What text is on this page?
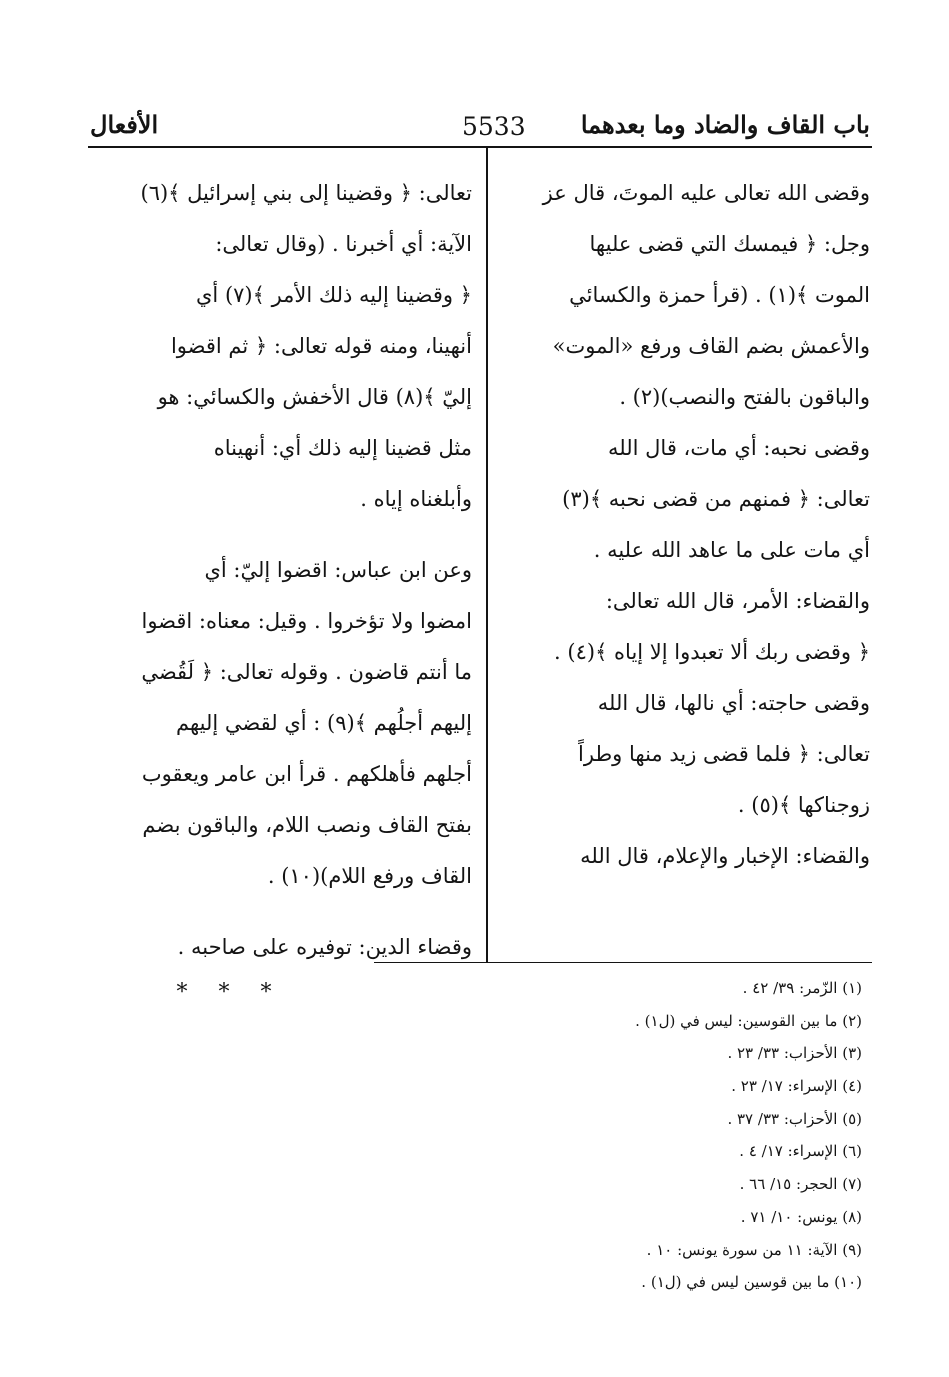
باب القاف والضاد وما بعدهما
5533
الأفعال
وقضى الله تعالى عليه الموتَ، قال عز
وجل: ﴿ فيمسك التي قضى عليها
الموت ﴾(١) . (قرأ حمزة والكسائي
والأعمش بضم القاف ورفع «الموت»
والباقون بالفتح والنصب)(٢) .
وقضى نحبه: أي مات، قال الله
تعالى: ﴿ فمنهم من قضى نحبه ﴾(٣)
أي مات على ما عاهد الله عليه .
والقضاء: الأمر، قال الله تعالى:
﴿ وقضى ربك ألا تعبدوا إلا إياه ﴾(٤) .
وقضى حاجته: أي نالها، قال الله
تعالى: ﴿ فلما قضى زيد منها وطراً
زوجناكها ﴾(٥) .
والقضاء: الإخبار والإعلام، قال الله
تعالى: ﴿ وقضينا إلى بني إسرائيل ﴾(٦)
الآية: أي أخبرنا . (وقال تعالى:
﴿ وقضينا إليه ذلك الأمر ﴾(٧) أي
أنهينا، ومنه قوله تعالى: ﴿ ثم اقضوا
إليّ ﴾(٨) قال الأخفش والكسائي: هو
مثل قضينا إليه ذلك أي: أنهيناه
وأبلغناه إياه .
وعن ابن عباس: اقضوا إليّ: أي
امضوا ولا تؤخروا . وقيل: معناه: اقضوا
ما أنتم قاضون . وقوله تعالى: ﴿ لَقُضي
إليهم أجلُهم ﴾(٩) : أي لقضي إليهم
أجلهم فأهلكهم . قرأ ابن عامر ويعقوب
بفتح القاف ونصب اللام، والباقون بضم
القاف ورفع اللام)(١٠) .
وقضاء الدين: توفيره على صاحبه .
* * *	(١) الزّمر: ٣٩/ ٤٢ .
(٢) ما بين القوسين: ليس في (ل١) .
(٣) الأحزاب: ٣٣/ ٢٣ .
(٤) الإسراء: ١٧/ ٢٣ .
(٥) الأحزاب: ٣٣/ ٣٧ .
(٦) الإسراء: ١٧/ ٤ .
(٧) الحجر: ١٥/ ٦٦ .
(٨) يونس: ١٠/ ٧١ .
(٩) الآية: ١١ من سورة يونس: ١٠ .
(١٠) ما بين قوسين ليس في (ل١) .
